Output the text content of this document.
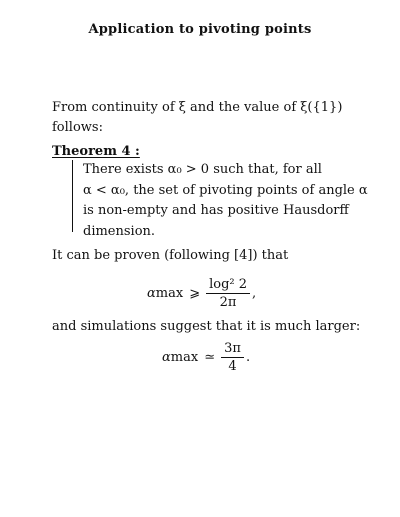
Application to pivoting points
From continuity of ξ and the value of ξ({1})
follows:
Theorem 4 :
There exists α₀ > 0 such that, for all
α < α₀, the set of pivoting points of angle α
is non-empty and has positive Hausdorff
dimension.
It can be proven (following [4]) that
αmax ⩾ $\frac{\text{log² 2}}{2\pi}$ ,
and simulations suggest that it is much larger:
αmax ≃ $\frac{3\pi}{4}$ .
